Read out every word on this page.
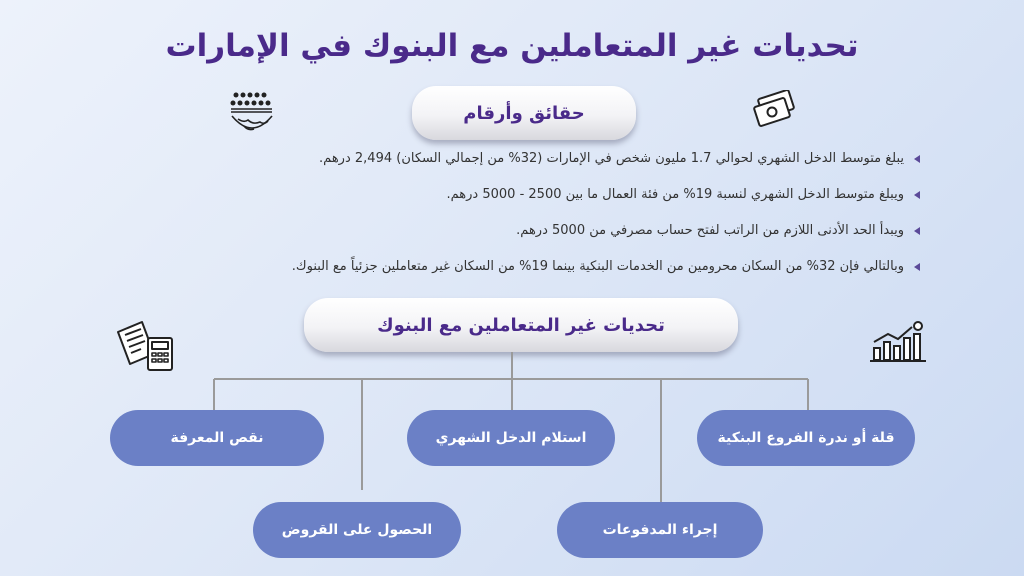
تحديات غير المتعاملين مع البنوك في الإمارات
حقائق وأرقام
يبلغ متوسط الدخل الشهري لحوالي 1.7 مليون شخص في الإمارات (32% من إجمالي السكان) 2,494 درهم.
ويبلغ متوسط الدخل الشهري لنسبة 19% من فئة العمال ما بين 2500 - 5000 درهم.
ويبدأ الحد الأدنى اللازم من الراتب لفتح حساب مصرفي من 5000 درهم.
وبالتالي فإن 32% من السكان محرومين من الخدمات البنكية بينما 19% من السكان غير متعاملين جزئياً مع البنوك.
تحديات غير المتعاملين مع البنوك
قلة أو ندرة الفروع البنكية
استلام الدخل الشهري
نقص المعرفة
إجراء المدفوعات
الحصول على القروض
